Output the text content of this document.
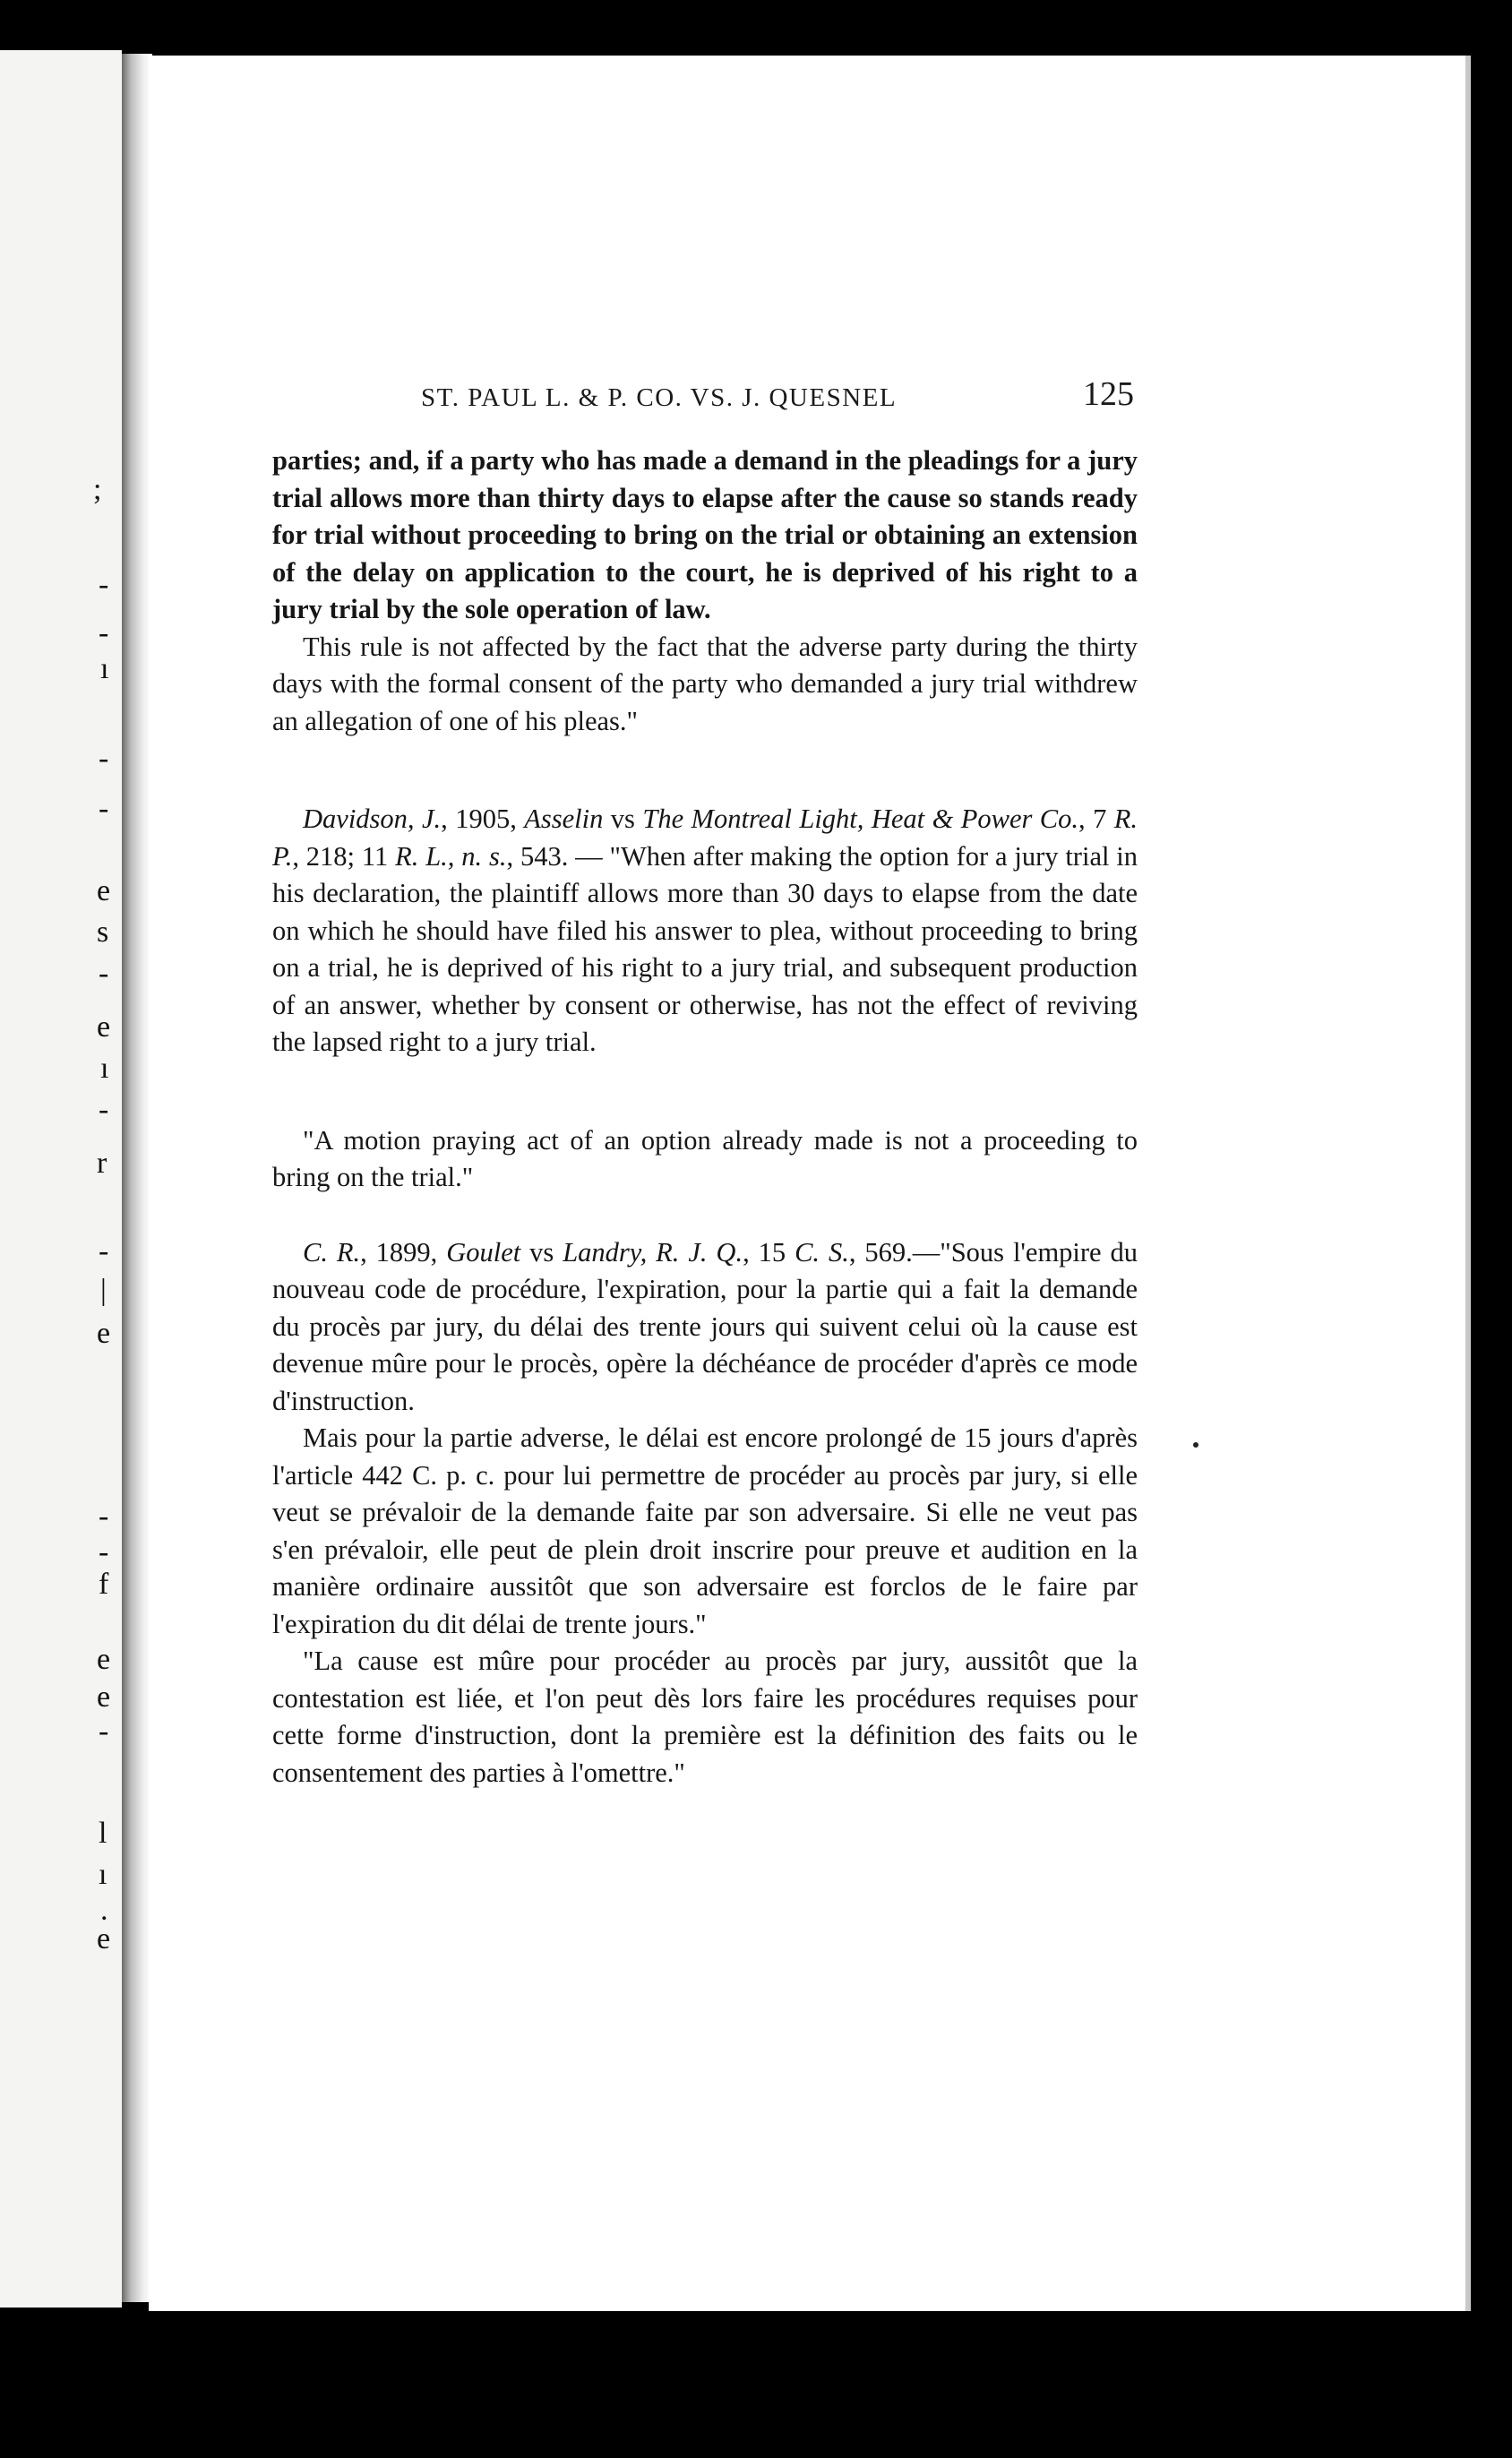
;
-
-
ı
-
-
e
s
-
e
ı
-
r
-
|
e
-
-
f
e
e
-
l
ı
.
e
ST. PAUL L. & P. CO. VS. J. QUESNEL	125

parties; and, if a party who has made a demand in the pleadings for a jury trial allows more than thirty days to elapse after the cause so stands ready for trial without proceeding to bring on the trial or obtaining an extension of the delay on application to the court, he is deprived of his right to a jury trial by the sole operation of law.

This rule is not affected by the fact that the adverse party during the thirty days with the formal consent of the party who demanded a jury trial withdrew an allegation of one of his pleas."

Davidson, J., 1905, Asselin vs The Montreal Light, Heat & Power Co., 7 R. P., 218; 11 R. L., n. s., 543. — "When after making the option for a jury trial in his declaration, the plaintiff allows more than 30 days to elapse from the date on which he should have filed his answer to plea, without proceeding to bring on a trial, he is deprived of his right to a jury trial, and subsequent production of an answer, whether by consent or otherwise, has not the effect of reviving the lapsed right to a jury trial.

"A motion praying act of an option already made is not a proceeding to bring on the trial."

C. R., 1899, Goulet vs Landry, R. J. Q., 15 C. S., 569.—"Sous l'empire du nouveau code de procédure, l'expiration, pour la partie qui a fait la demande du procès par jury, du délai des trente jours qui suivent celui où la cause est devenue mûre pour le procès, opère la déchéance de procéder d'après ce mode d'instruction.

Mais pour la partie adverse, le délai est encore prolongé de 15 jours d'après l'article 442 C. p. c. pour lui permettre de procéder au procès par jury, si elle veut se prévaloir de la demande faite par son adversaire. Si elle ne veut pas s'en prévaloir, elle peut de plein droit inscrire pour preuve et audition en la manière ordinaire aussitôt que son adversaire est forclos de le faire par l'expiration du dit délai de trente jours."

"La cause est mûre pour procéder au procès par jury, aussitôt que la contestation est liée, et l'on peut dès lors faire les procédures requises pour cette forme d'instruction, dont la première est la définition des faits ou le consentement des parties à l'omettre."
